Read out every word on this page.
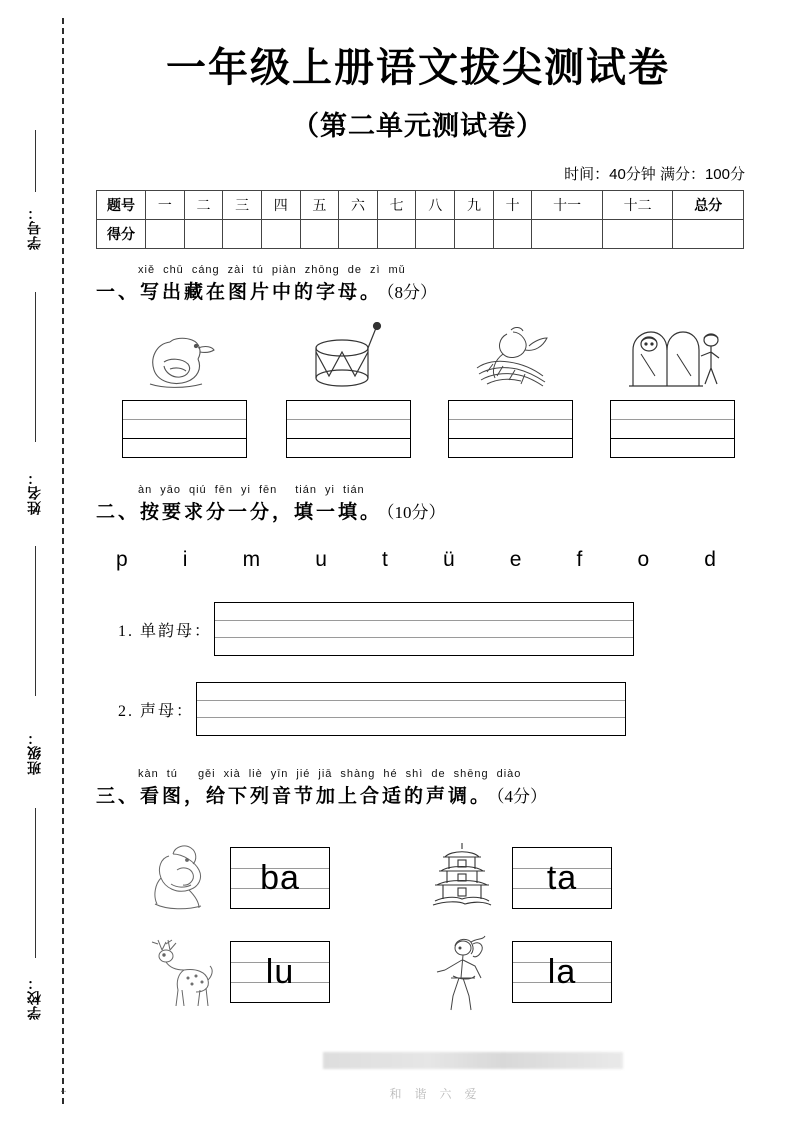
学号：
姓名：
班级：
学校：
··
一年级上册语文拔尖测试卷
（第二单元测试卷）
时间：40分钟 满分：100分
题号	一	二	三	四	五	六	七	八	九	十	十一	十二	总分
得分													
xiě chū cáng zài tú piàn zhōng de zì mǔ
一、写出藏在图片中的字母。 （8分）
àn yāo qiú fēn yi fēn tián yi tián
二、按要求分一分，填一填。 （10分）
p	i	m	u	t	ü	e	f	o	d
1. 单韵母：
2. 声母：
kàn tú gěi xià liè yīn jié jiā shàng hé shì de shēng diào
三、看图，给下列音节加上合适的声调。 （4分）
ba	ta
lu	la
和 谐 六 爱
